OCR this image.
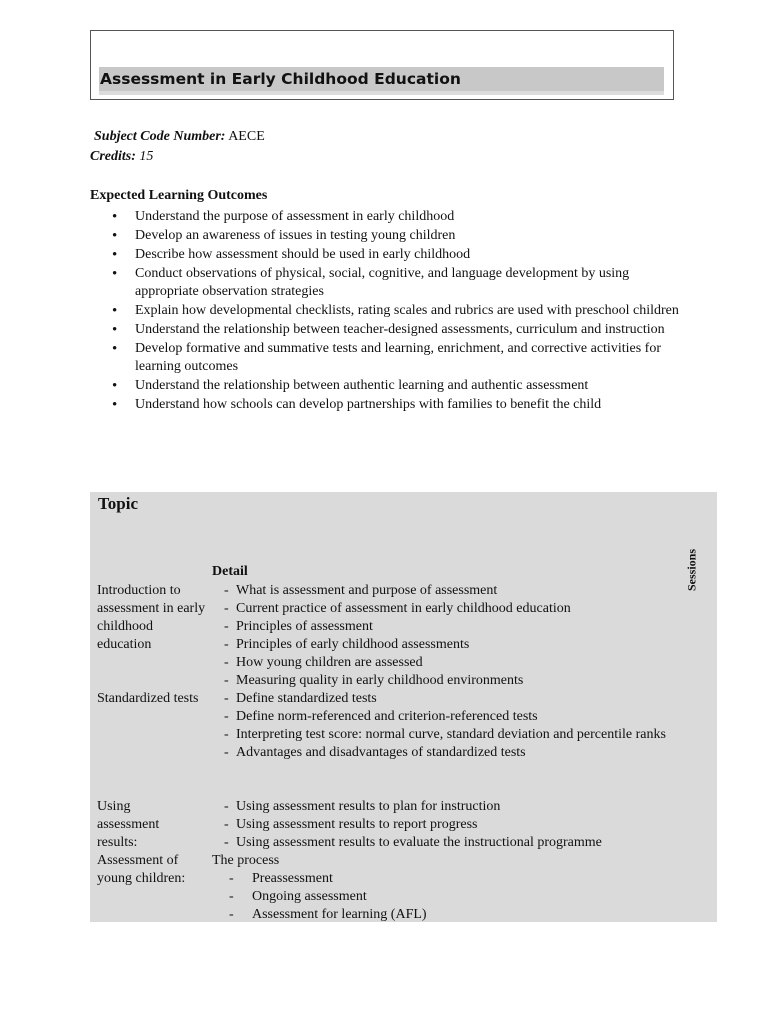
Assessment in Early Childhood Education
Subject Code Number: AECE
Credits: 15
Expected Learning Outcomes
• Understand the purpose of assessment in early childhood
• Develop an awareness of issues in testing young children
• Describe how assessment should be used in early childhood
• Conduct observations of physical, social, cognitive, and language development by using appropriate observation strategies
• Explain how developmental checklists, rating scales and rubrics are used with preschool children
• Understand the relationship between teacher-designed assessments, curriculum and instruction
• Develop formative and summative tests and learning, enrichment, and corrective activities for learning outcomes
• Understand the relationship between authentic learning and authentic assessment
• Understand how schools can develop partnerships with families to benefit the child
Topic
Sessions
Detail
Introduction to assessment in early childhood education
- What is assessment and purpose of assessment
- Current practice of assessment in early childhood education
- Principles of assessment
- Principles of early childhood assessments
- How young children are assessed
- Measuring quality in early childhood environments
Standardized tests
-	Define standardized tests
- Define norm-referenced and criterion-referenced tests
- Interpreting test score: normal curve, standard deviation and percentile ranks
- Advantages and disadvantages of standardized tests
Using assessment results:
- Using assessment results to plan for instruction
- Using assessment results to report progress
- Using assessment results to evaluate the instructional programme
Assessment of young children:
The process
- Preassessment
- Ongoing assessment
- Assessment for learning (AFL)
